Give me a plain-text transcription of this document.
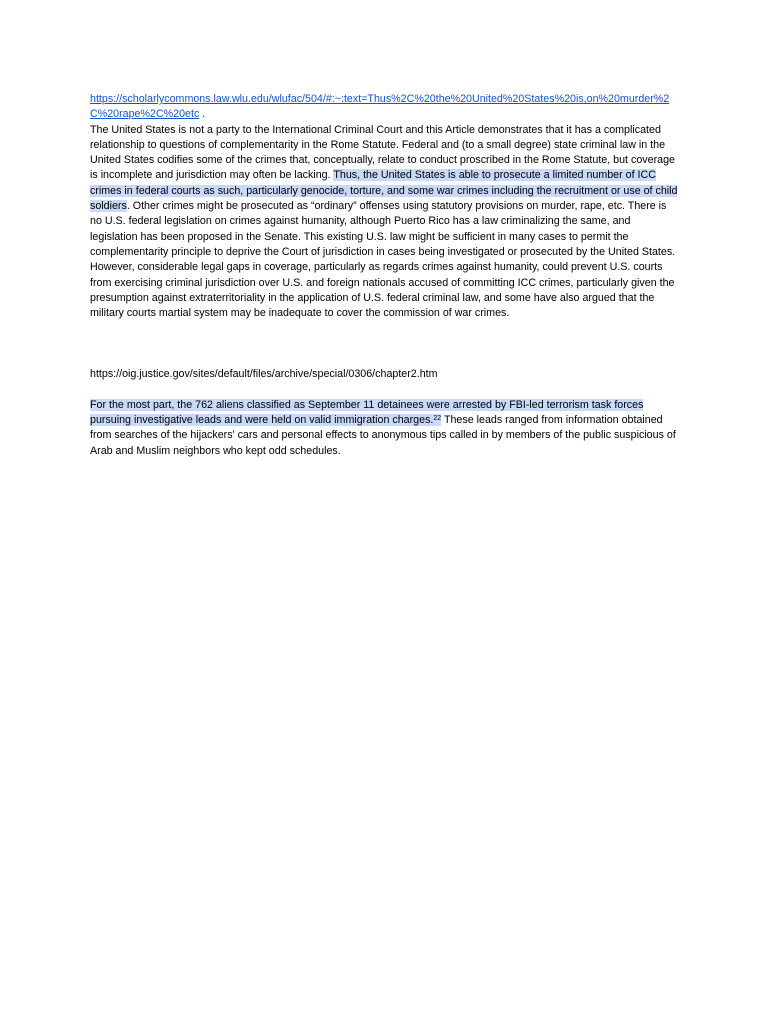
https://scholarlycommons.law.wlu.edu/wlufac/504/#:~:text=Thus%2C%20the%20United%20States%20is,on%20murder%2C%20rape%2C%20etc .

The United States is not a party to the International Criminal Court and this Article demonstrates that it has a complicated relationship to questions of complementarity in the Rome Statute. Federal and (to a small degree) state criminal law in the United States codifies some of the crimes that, conceptually, relate to conduct proscribed in the Rome Statute, but coverage is incomplete and jurisdiction may often be lacking. Thus, the United States is able to prosecute a limited number of ICC crimes in federal courts as such, particularly genocide, torture, and some war crimes including the recruitment or use of child soldiers. Other crimes might be prosecuted as “ordinary” offenses using statutory provisions on murder, rape, etc. There is no U.S. federal legislation on crimes against humanity, although Puerto Rico has a law criminalizing the same, and legislation has been proposed in the Senate. This existing U.S. law might be sufficient in many cases to permit the complementarity principle to deprive the Court of jurisdiction in cases being investigated or prosecuted by the United States. However, considerable legal gaps in coverage, particularly as regards crimes against humanity, could prevent U.S. courts from exercising criminal jurisdiction over U.S. and foreign nationals accused of committing ICC crimes, particularly given the presumption against extraterritoriality in the application of U.S. federal criminal law, and some have also argued that the military courts martial system may be inadequate to cover the commission of war crimes.

https://oig.justice.gov/sites/default/files/archive/special/0306/chapter2.htm

For the most part, the 762 aliens classified as September 11 detainees were arrested by FBI-led terrorism task forces pursuing investigative leads and were held on valid immigration charges.$^{22}$ These leads ranged from information obtained from searches of the hijackers' cars and personal effects to anonymous tips called in by members of the public suspicious of Arab and Muslim neighbors who kept odd schedules.
